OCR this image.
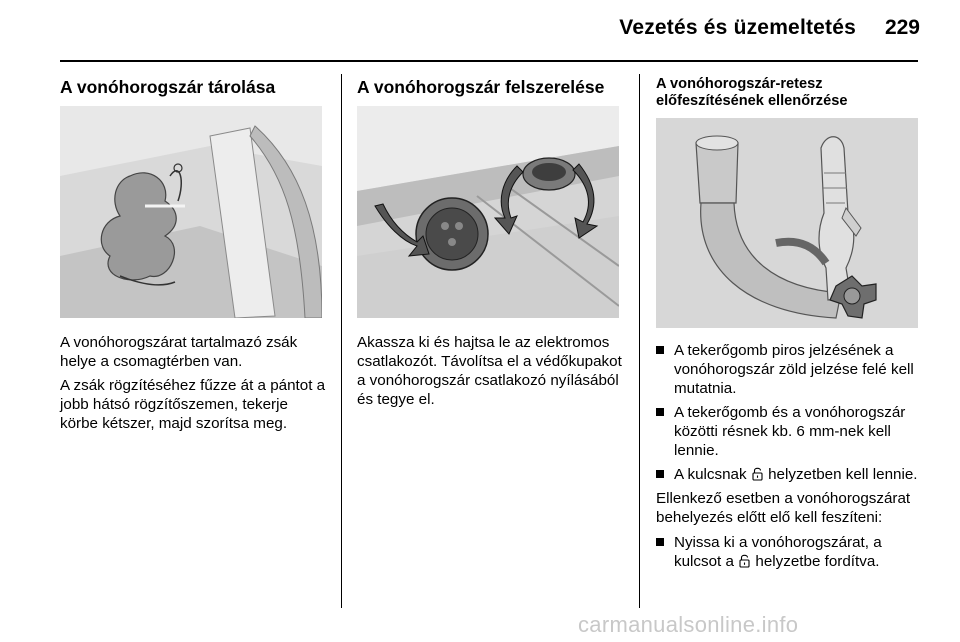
Vezetés és üzemeltetés 229
A vonóhorogszár tárolása

A vonóhorogszárat tartalmazó zsák helye a csomagtérben van.

A zsák rögzítéséhez fűzze át a pántot a jobb hátsó rögzítőszemen, tekerje körbe kétszer, majd szorítsa meg.

A vonóhorogszár felszerelése

Akassza ki és hajtsa le az elektromos csatlakozót. Távolítsa el a védőkupakot a vonóhorogszár csatlakozó nyílásából és tegye el.

A vonóhorogszár-retesz előfeszítésének ellenőrzése
A tekerőgomb piros jelzésének a vonóhorogszár zöld jelzése felé kell mutatnia.
A tekerőgomb és a vonóhorogszár közötti résnek kb. 6 mm-nek kell lennie.
A kulcsnak helyzetben kell lennie.

Ellenkező esetben a vonóhorogszárat behelyezés előtt elő kell feszíteni:

Nyissa ki a vonóhorogszárat, a kulcsot a helyzetbe fordítva.
carmanualsonline.info
